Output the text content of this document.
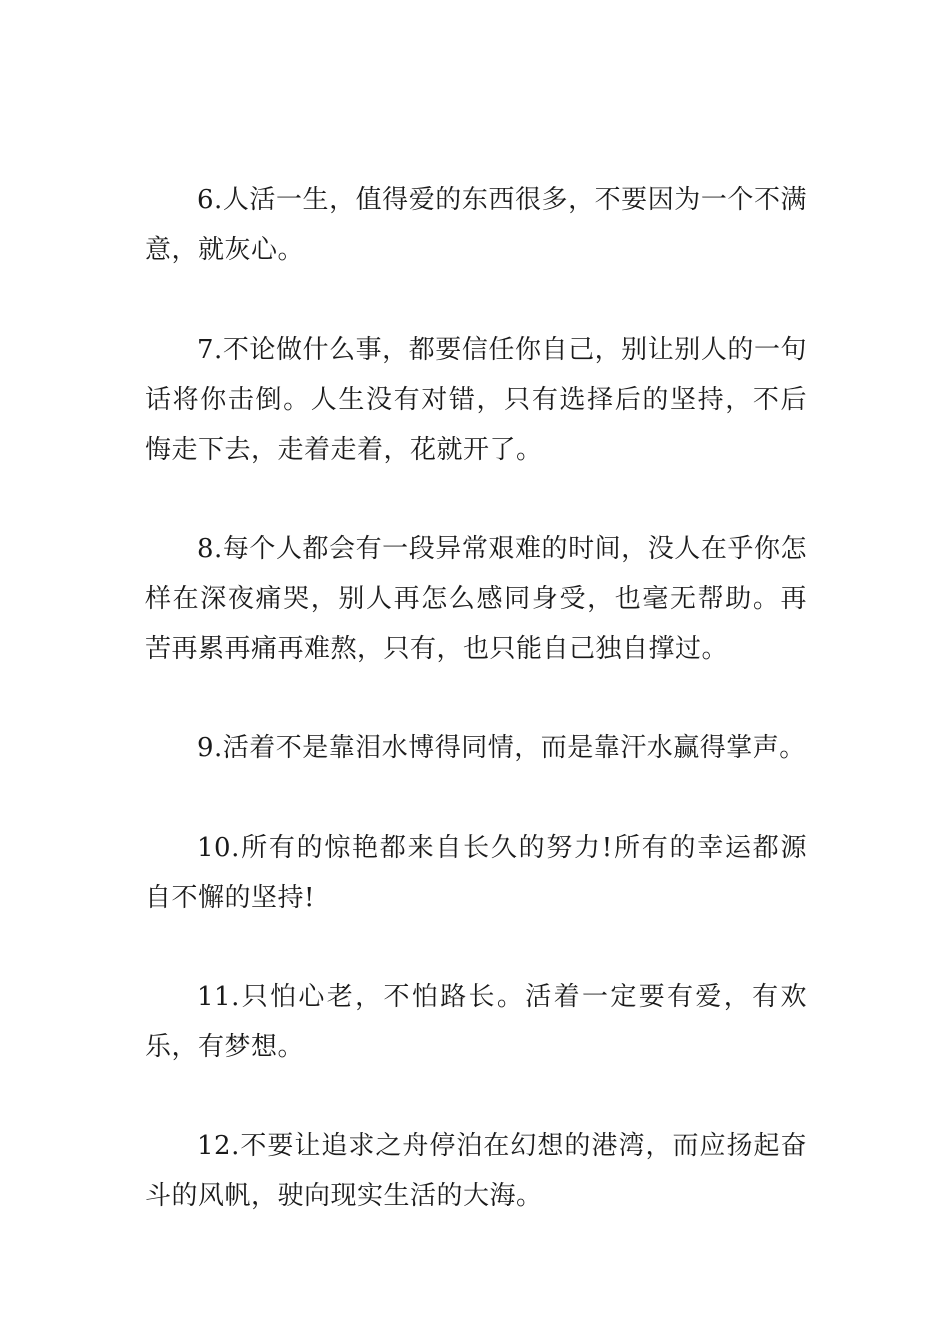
6.人活一生，值得爱的东西很多，不要因为一个不满意，就灰心。

7.不论做什么事，都要信任你自己，别让别人的一句话将你击倒。人生没有对错，只有选择后的坚持，不后悔走下去，走着走着，花就开了。

8.每个人都会有一段异常艰难的时间，没人在乎你怎样在深夜痛哭，别人再怎么感同身受，也毫无帮助。再苦再累再痛再难熬，只有，也只能自己独自撑过。

9.活着不是靠泪水博得同情，而是靠汗水赢得掌声。

10.所有的惊艳都来自长久的努力!所有的幸运都源自不懈的坚持!

11.只怕心老，不怕路长。活着一定要有爱，有欢乐，有梦想。

12.不要让追求之舟停泊在幻想的港湾，而应扬起奋斗的风帆，驶向现实生活的大海。
